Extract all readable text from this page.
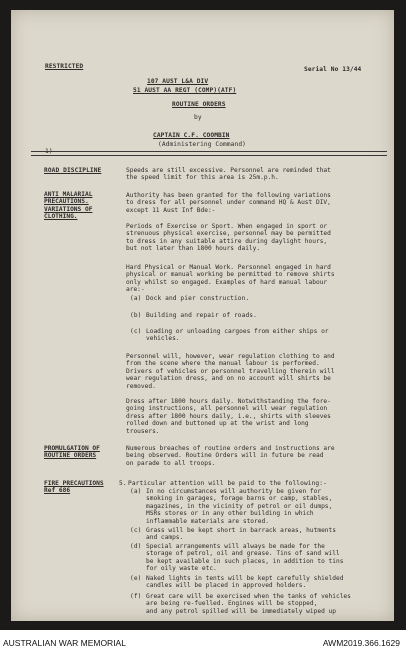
RESTRICTED	Serial No 13/44
107 AUST L&A DIV
51 AUST AA REGT (COMP)(ATF)
ROUTINE ORDERS
by
CAPTAIN C.F. COOMBIN
(Administering Command)
ROAD DISCIPLINE	Speeds are still excessive. Personnel are reminded that
the speed limit for this area is 25m.p.h.
ANTI MALARIAL
PRECAUTIONS.
VARIATIONS OF
CLOTHING.
Authority has been granted for the following variations
to dress for all personnel under command HQ & Aust DIV,
except 11 Aust Inf Bde:-
Periods of Exercise or Sport. When engaged in sport or
strenuous physical exercise, personnel may be permitted
to dress in any suitable attire during daylight hours,
but not later than 1800 hours daily.
Hard Physical or Manual Work. Personnel engaged in hard
physical or manual working be permitted to remove shirts
only whilst so engaged. Examples of hard manual labour
are:-
(a) Dock and pier construction.
(b) Building and repair of roads.
(c) Loading or unloading cargoes from either ships or
vehicles.
Personnel will, however, wear regulation clothing to and
from the scene where the manual labour is performed.
Drivers of vehicles or personnel travelling therein will
wear regulation dress, and on no account will shirts be
removed.
Dress after 1800 hours daily. Notwithstanding the fore-
going instructions, all personnel will wear regulation
dress after 1800 hours daily, i.e., shirts with sleeves
rolled down and buttoned up at the wrist and long
trousers.
PROMULGATION OF
ROUTINE ORDERS
Numerous breaches of routine orders and instructions are
being observed. Routine Orders will in future be read
on parade to all troops.
FIRE PRECAUTIONS
Ref 686
5. Particular attention will be paid to the following:-
(a) In no circumstances will authority be given for
smoking in garages, forage barns or camp, stables,
magazines, in the vicinity of petrol or oil dumps,
MSRs stores or in any other building in which
inflammable materials are stored.
(c) Grass will be kept short in barrack areas, hutments
and camps.
(d) Special arrangements will always be made for the
storage of petrol, oil and grease. Tins of sand will
be kept available in such places, in addition to tins
for oily waste etc.
(e) Naked lights in tents will be kept carefully shielded
candles will be placed in approved holders.
(f) Great care will be exercised when the tanks of vehicles
are being re-fuelled. Engines will be stopped,
and any petrol spilled will be immediately wiped up
AUSTRALIAN WAR MEMORIAL	AWM2019.366.1629
